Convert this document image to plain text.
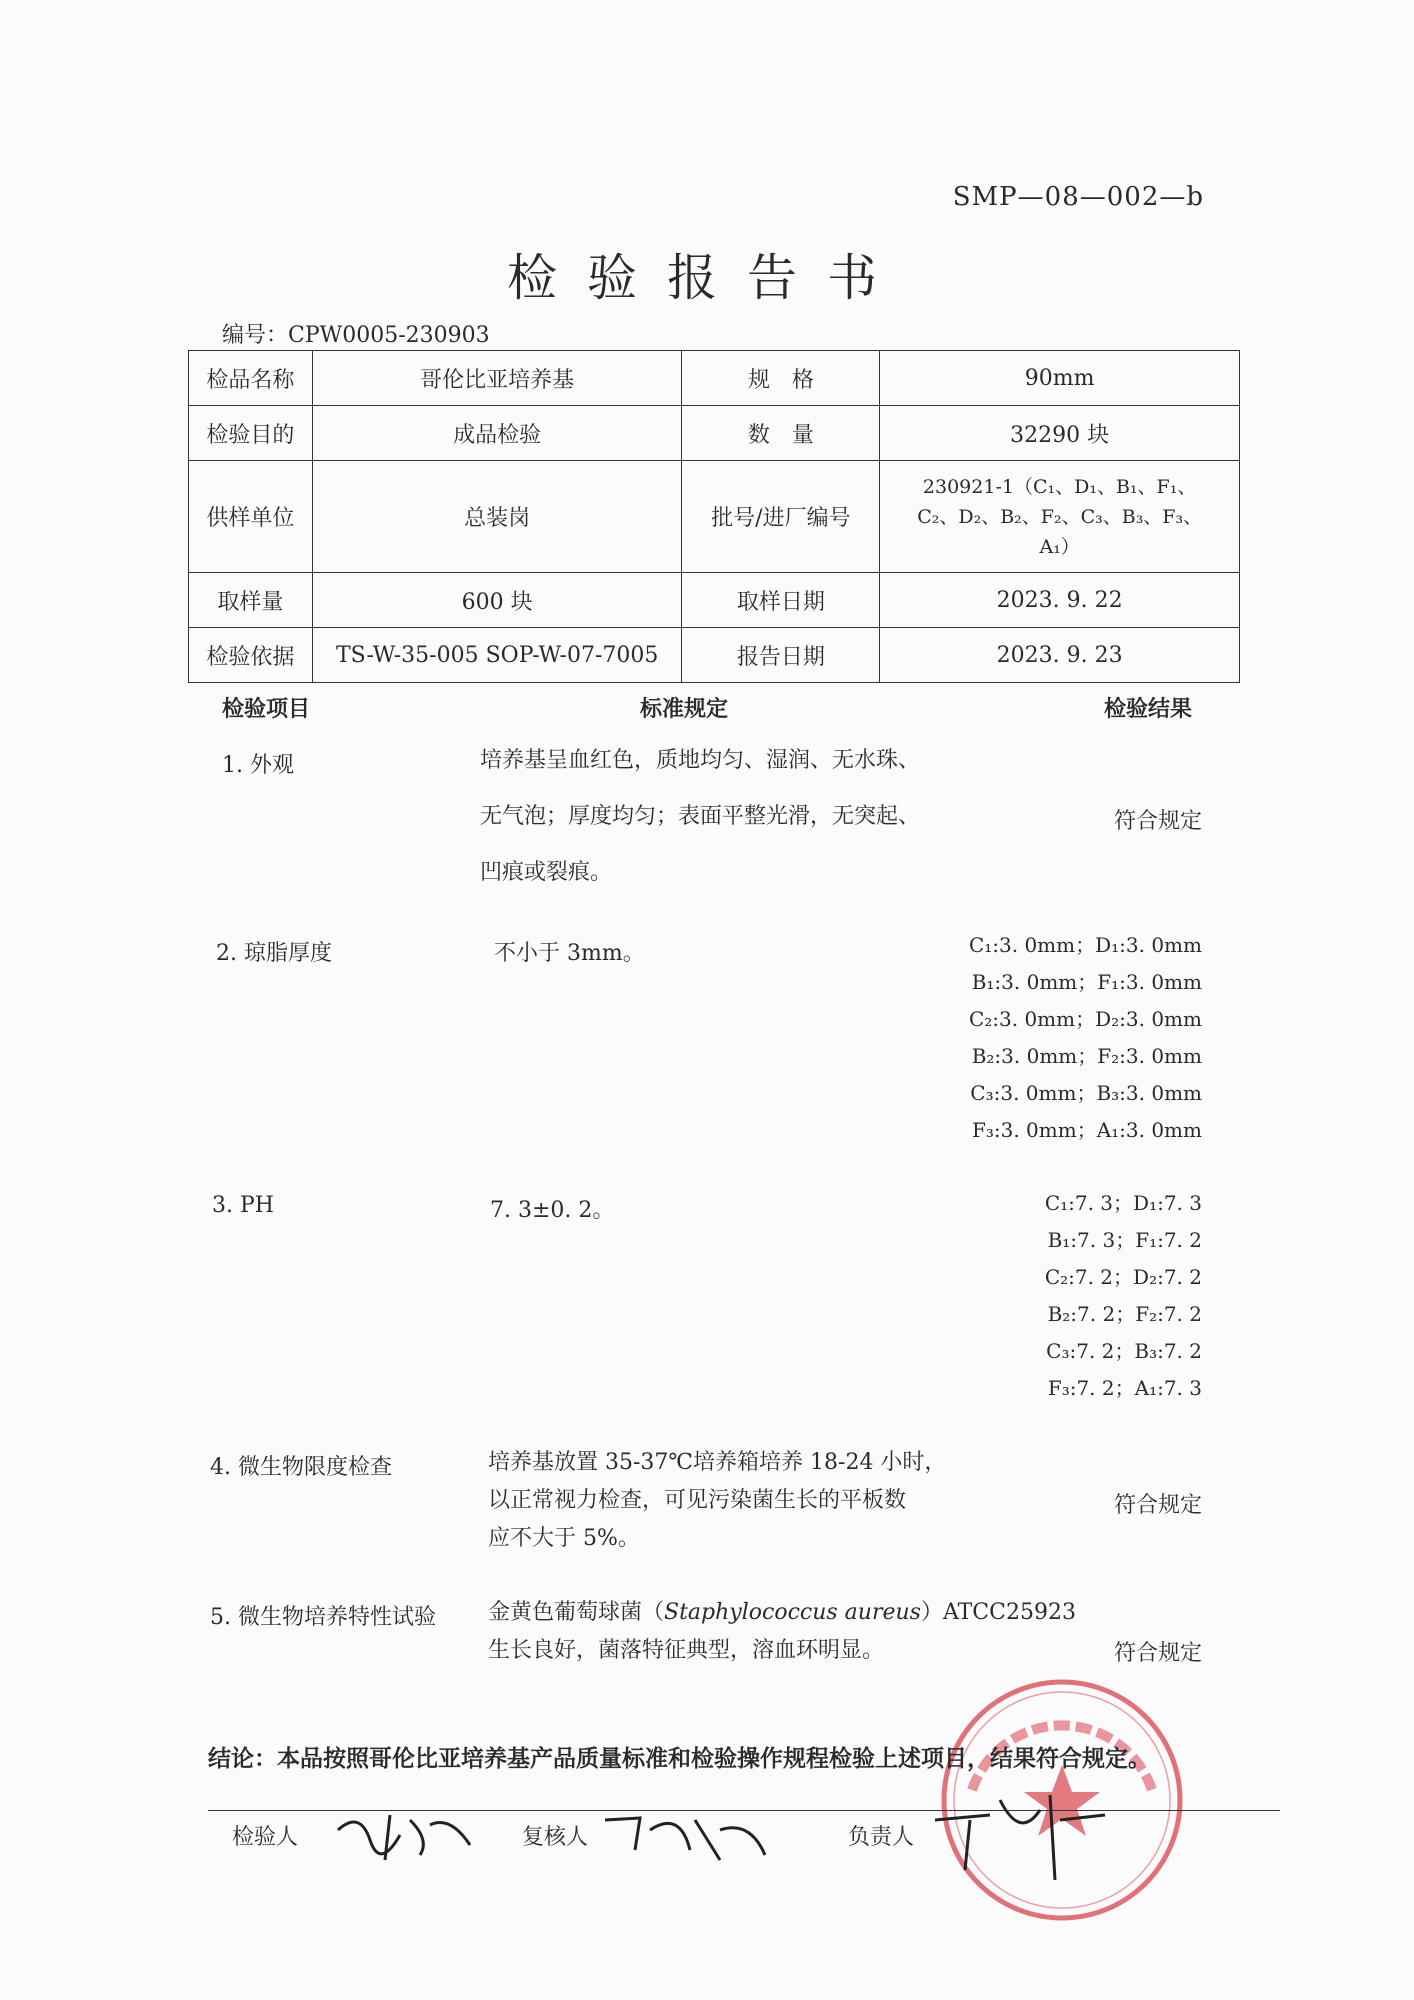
SMP—08—002—b
检验报告书
编号：CPW0005-230903
检品名称	哥伦比亚培养基	规　格	90mm
检验目的	成品检验	数　量	32290 块
供样单位	总装岗	批号/进厂编号	230921-1（C₁、D₁、B₁、F₁、
C₂、D₂、B₂、F₂、C₃、B₃、F₃、
A₁）

取样量	600 块	取样日期	2023. 9. 22
检验依据	TS-W-35-005 SOP-W-07-7005	报告日期	2023. 9. 23
检验项目	标准规定	检验结果
1. 外观	培养基呈血红色，质地均匀、湿润、无水珠、
无气泡；厚度均匀；表面平整光滑，无突起、
凹痕或裂痕。
符合规定
2. 琼脂厚度	不小于 3mm。	C₁:3. 0mm；D₁:3. 0mm
B₁:3. 0mm；F₁:3. 0mm
C₂:3. 0mm；D₂:3. 0mm
B₂:3. 0mm；F₂:3. 0mm
C₃:3. 0mm；B₃:3. 0mm
F₃:3. 0mm；A₁:3. 0mm
3. PH	7. 3±0. 2。	C₁:7. 3；D₁:7. 3
B₁:7. 3；F₁:7. 2
C₂:7. 2；D₂:7. 2
B₂:7. 2；F₂:7. 2
C₃:7. 2；B₃:7. 2
F₃:7. 2；A₁:7. 3
4. 微生物限度检查	培养基放置 35-37℃培养箱培养 18-24 小时，
以正常视力检查，可见污染菌生长的平板数
应不大于 5%。
符合规定
5. 微生物培养特性试验 金黄色葡萄球菌（Staphylococcus aureus）ATCC25923
生长良好，菌落特征典型，溶血环明显。	符合规定
结论：本品按照哥伦比亚培养基产品质量标准和检验操作规程检验上述项目，结果符合规定。
检验人	复核人	负责人
